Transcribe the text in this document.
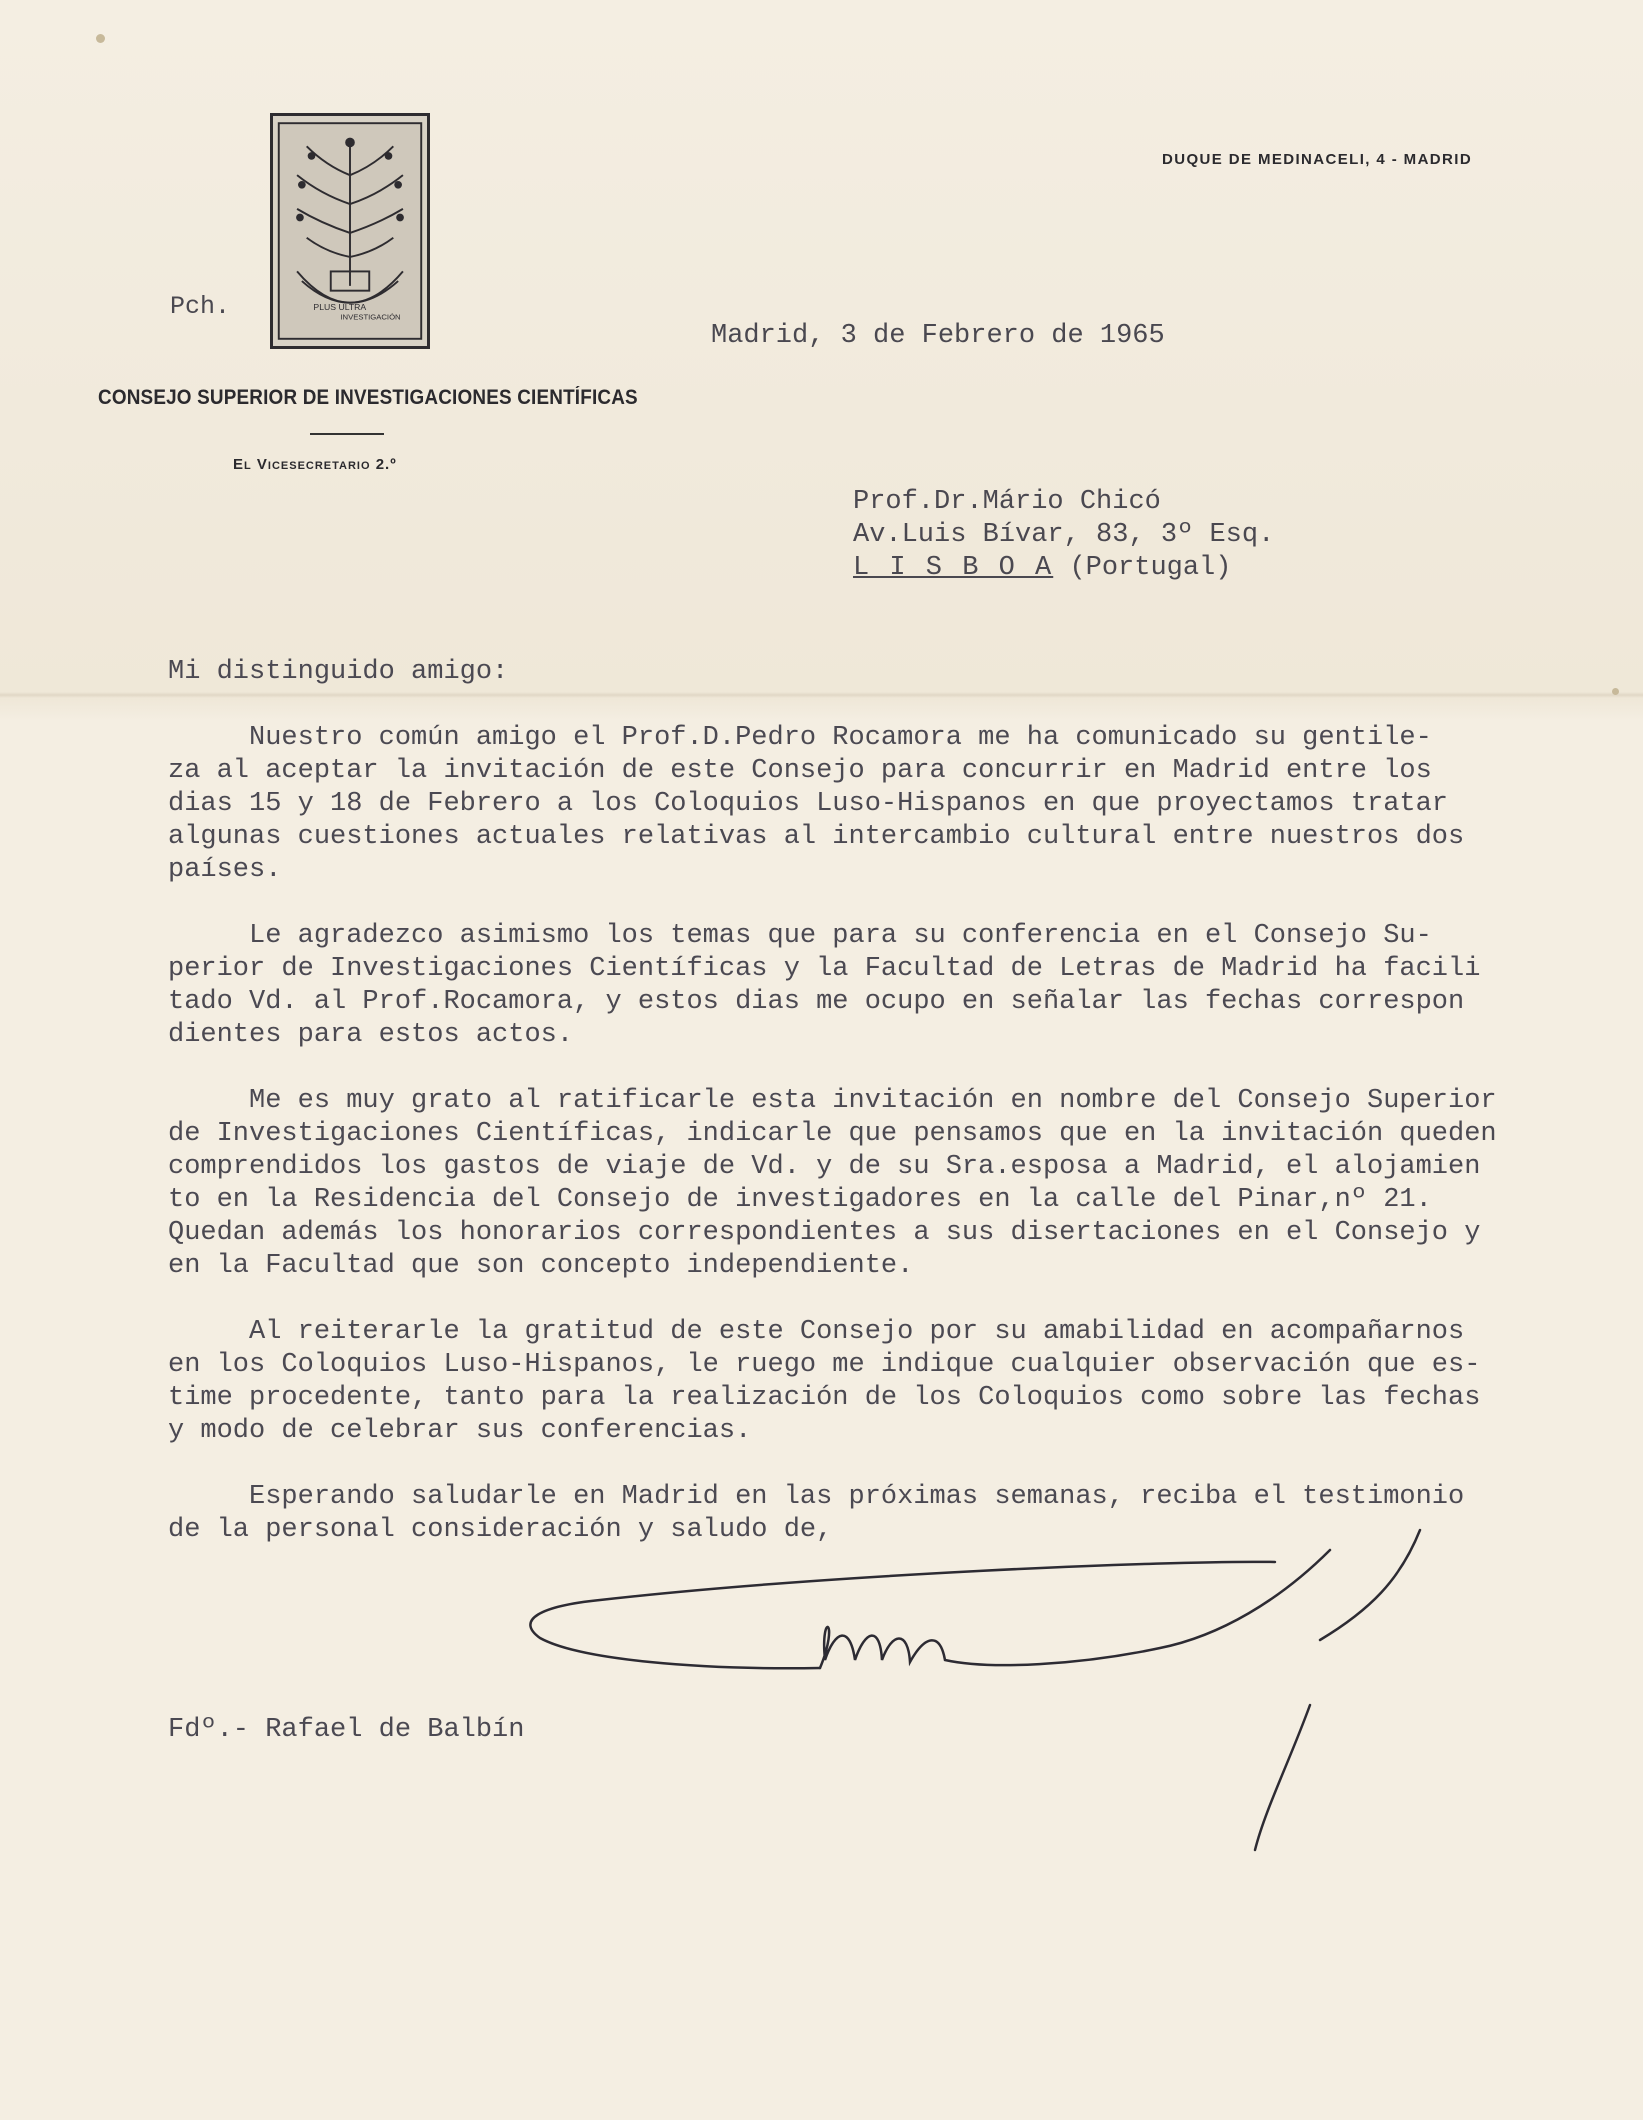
PLUS ULTRA
INVESTIGACIÓN
CONSEJO SUPERIOR DE INVESTIGACIONES CIENTÍFICAS
El Vicesecretario 2.º
DUQUE DE MEDINACELI, 4 - MADRID
Pch.
Madrid, 3 de Febrero de 1965
Prof.Dr.Mário Chicó
Av.Luis Bívar, 83, 3º Esq.
L I S B O A (Portugal)

Mi distinguido amigo:

Nuestro común amigo el Prof.D.Pedro Rocamora me ha comunicado su gentile-
za al aceptar la invitación de este Consejo para concurrir en Madrid entre los
dias 15 y 18 de Febrero a los Coloquios Luso-Hispanos en que proyectamos tratar
algunas cuestiones actuales relativas al intercambio cultural entre nuestros dos
países.

Le agradezco asimismo los temas que para su conferencia en el Consejo Su-
perior de Investigaciones Científicas y la Facultad de Letras de Madrid ha facili
tado Vd. al Prof.Rocamora, y estos dias me ocupo en señalar las fechas correspon
dientes para estos actos.

Me es muy grato al ratificarle esta invitación en nombre del Consejo Superior
de Investigaciones Científicas, indicarle que pensamos que en la invitación queden
comprendidos los gastos de viaje de Vd. y de su Sra.esposa a Madrid, el alojamien
to en la Residencia del Consejo de investigadores en la calle del Pinar,nº 21.
Quedan además los honorarios correspondientes a sus disertaciones en el Consejo y
en la Facultad que son concepto independiente.

Al reiterarle la gratitud de este Consejo por su amabilidad en acompañarnos
en los Coloquios Luso-Hispanos, le ruego me indique cualquier observación que es-
time procedente, tanto para la realización de los Coloquios como sobre las fechas
y modo de celebrar sus conferencias.

Esperando saludarle en Madrid en las próximas semanas, reciba el testimonio
de la personal consideración y saludo de,

Fdº.- Rafael de Balbín
